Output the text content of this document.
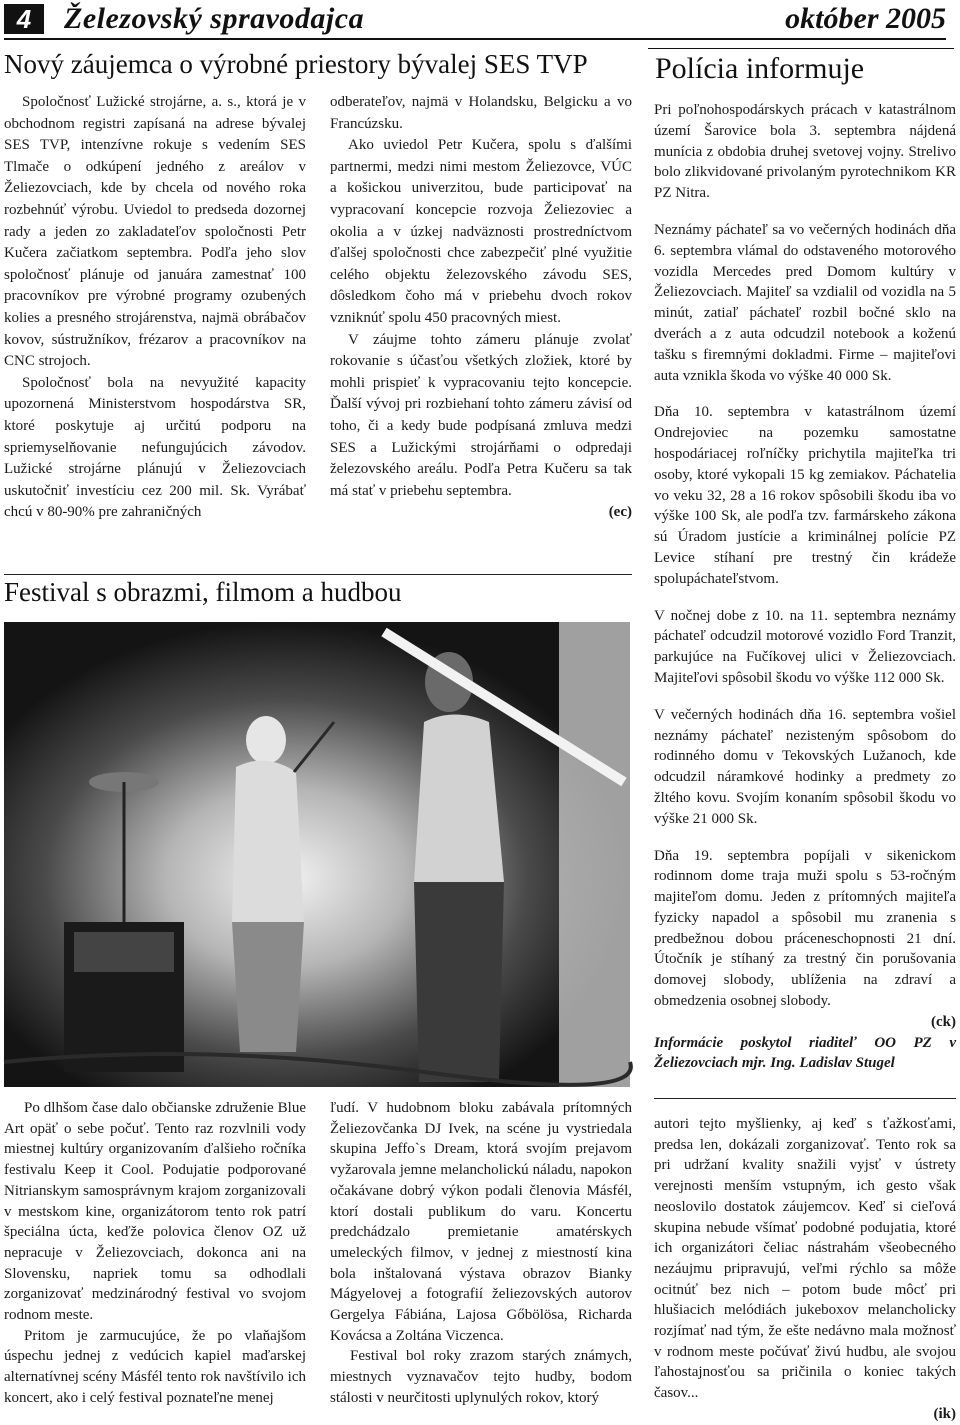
4	Železovský spravodajca	október 2005
Nový záujemca o výrobné priestory bývalej SES TVP

Spoločnosť Lužické strojárne, a. s., ktorá je v obchodnom registri zapísaná na adrese bývalej SES TVP, intenzívne rokuje s vedením SES Tlmače o odkúpení jedného z areálov v Želiezovciach, kde by chcela od nového roka rozbehnúť výrobu. Uviedol to predseda dozornej rady a jeden zo zakladateľov spoločnosti Petr Kučera začiatkom septembra. Podľa jeho slov spoločnosť plánuje od januára zamestnať 100 pracovníkov pre výrobné programy ozubených kolies a presného strojárenstva, najmä obrábačov kovov, sústružníkov, frézarov a pracovníkov na CNC strojoch.

Spoločnosť bola na nevyužité kapacity upozornená Ministerstvom hospodárstva SR, ktoré poskytuje aj určitú podporu na spriemyselňovanie nefungujúcich závodov. Lužické strojárne plánujú v Želiezovciach uskutočniť investíciu cez 200 mil. Sk. Vyrábať chcú v 80-90% pre zahraničných

odberateľov, najmä v Holandsku, Belgicku a vo Francúzsku.

Ako uviedol Petr Kučera, spolu s ďalšími partnermi, medzi nimi mestom Želiezovce, VÚC a košickou univerzitou, bude participovať na vypracovaní koncepcie rozvoja Želiezoviec a okolia a v úzkej nadväznosti prostredníctvom ďalšej spoločnosti chce zabezpečiť plné využitie celého objektu železovského závodu SES, dôsledkom čoho má v priebehu dvoch rokov vzniknúť spolu 450 pracovných miest.

V záujme tohto zámeru plánuje zvolať rokovanie s účasťou všetkých zložiek, ktoré by mohli prispieť k vypracovaniu tejto koncepcie. Ďalší vývoj pri rozbiehaní tohto zámeru závisí od toho, či a kedy bude podpísaná zmluva medzi SES a Lužickými strojárňami o odpredaji železovského areálu. Podľa Petra Kučeru sa tak má stať v priebehu septembra.

(ec)
Polícia informuje

Pri poľnohospodárskych prácach v katastrálnom území Šarovice bola 3. septembra nájdená munícia z obdobia druhej svetovej vojny. Strelivo bolo zlikvidované privolaným pyrotechnikom KR PZ Nitra.

Neznámy páchateľ sa vo večerných hodinách dňa 6. septembra vlámal do odstaveného motorového vozidla Mercedes pred Domom kultúry v Želiezovciach. Majiteľ sa vzdialil od vozidla na 5 minút, zatiaľ páchateľ rozbil bočné sklo na dverách a z auta odcudzil notebook a koženú tašku s firemnými dokladmi. Firme – majiteľovi auta vznikla škoda vo výške 40 000 Sk.

Dňa 10. septembra v katastrálnom území Ondrejoviec na pozemku samostatne hospodáriacej roľníčky prichytila majiteľka tri osoby, ktoré vykopali 15 kg zemiakov. Páchatelia vo veku 32, 28 a 16 rokov spôsobili škodu iba vo výške 100 Sk, ale podľa tzv. farmárskeho zákona sú Úradom justície a kriminálnej polície PZ Levice stíhaní pre trestný čin krádeže spolupáchateľstvom.

V nočnej dobe z 10. na 11. septembra neznámy páchateľ odcudzil motorové vozidlo Ford Tranzit, parkujúce na Fučíkovej ulici v Želiezovciach. Majiteľovi spôsobil škodu vo výške 112 000 Sk.

V večerných hodinách dňa 16. septembra vošiel neznámy páchateľ nezisteným spôsobom do rodinného domu v Tekovských Lužanoch, kde odcudzil náramkové hodinky a predmety zo žltého kovu. Svojím konaním spôsobil škodu vo výške 21 000 Sk.

Dňa 19. septembra popíjali v sikenickom rodinnom dome traja muži spolu s 53-ročným majiteľom domu. Jeden z prítomných majiteľa fyzicky napadol a spôsobil mu zranenia s predbežnou dobou práceneschopnosti 21 dní. Útočník je stíhaný za trestný čin porušovania domovej slobody, ublíženia na zdraví a obmedzenia osobnej slobody.

(ck)

Informácie poskytol riaditeľ OO PZ v Želiezovciach mjr. Ing. Ladislav Stugel

Festival s obrazmi, filmom a hudbou

Po dlhšom čase dalo občianske združenie Blue Art opäť o sebe počuť. Tento raz rozvlnili vody miestnej kultúry organizovaním ďalšieho ročníka festivalu Keep it Cool. Podujatie podporované Nitrianskym samosprávnym krajom zorganizovali v mestskom kine, organizátorom tento rok patrí špeciálna úcta, keďže polovica členov OZ už nepracuje v Želiezovciach, dokonca ani na Slovensku, napriek tomu sa odhodlali zorganizovať medzinárodný festival vo svojom rodnom meste.

Pritom je zarmucujúce, že po vlaňajšom úspechu jednej z vedúcich kapiel maďarskej alternatívnej scény Másfél tento rok navštívilo ich koncert, ako i celý festival poznateľne menej

ľudí. V hudobnom bloku zabávala prítomných Želiezovčanka DJ Ivek, na scéne ju vystriedala skupina Jeffo`s Dream, ktorá svojím prejavom vyžarovala jemne melancholickú náladu, napokon očakávane dobrý výkon podali členovia Másfél, ktorí dostali publikum do varu. Koncertu predchádzalo premietanie amatérskych umeleckých filmov, v jednej z miestností kina bola inštalovaná výstava obrazov Bianky Mágyelovej a fotografií želiezovských autorov Gergelya Fábiána, Lajosa Gőbölösa, Richarda Kovácsa a Zoltána Viczenca.

Festival bol roky zrazom starých známych, miestnych vyznavačov tejto hudby, bodom stálosti v neurčitosti uplynulých rokov, ktorý

autori tejto myšlienky, aj keď s ťažkosťami, predsa len, dokázali zorganizovať. Tento rok sa pri udržaní kvality snažili vyjsť v ústrety verejnosti menším vstupným, ich gesto však neoslovilo dostatok záujemcov. Keď si cieľová skupina nebude všímať podobné podujatia, ktoré ich organizátori čeliac nástrahám všeobecného nezáujmu pripravujú, veľmi rýchlo sa môže ocitnúť bez nich – potom bude môcť pri hlušiacich melódiách jukeboxov melancholicky rozjímať nad tým, že ešte nedávno mala možnosť v rodnom meste počúvať živú hudbu, ale svojou ľahostajnosťou sa pričinila o koniec takých časov...

(ik)
